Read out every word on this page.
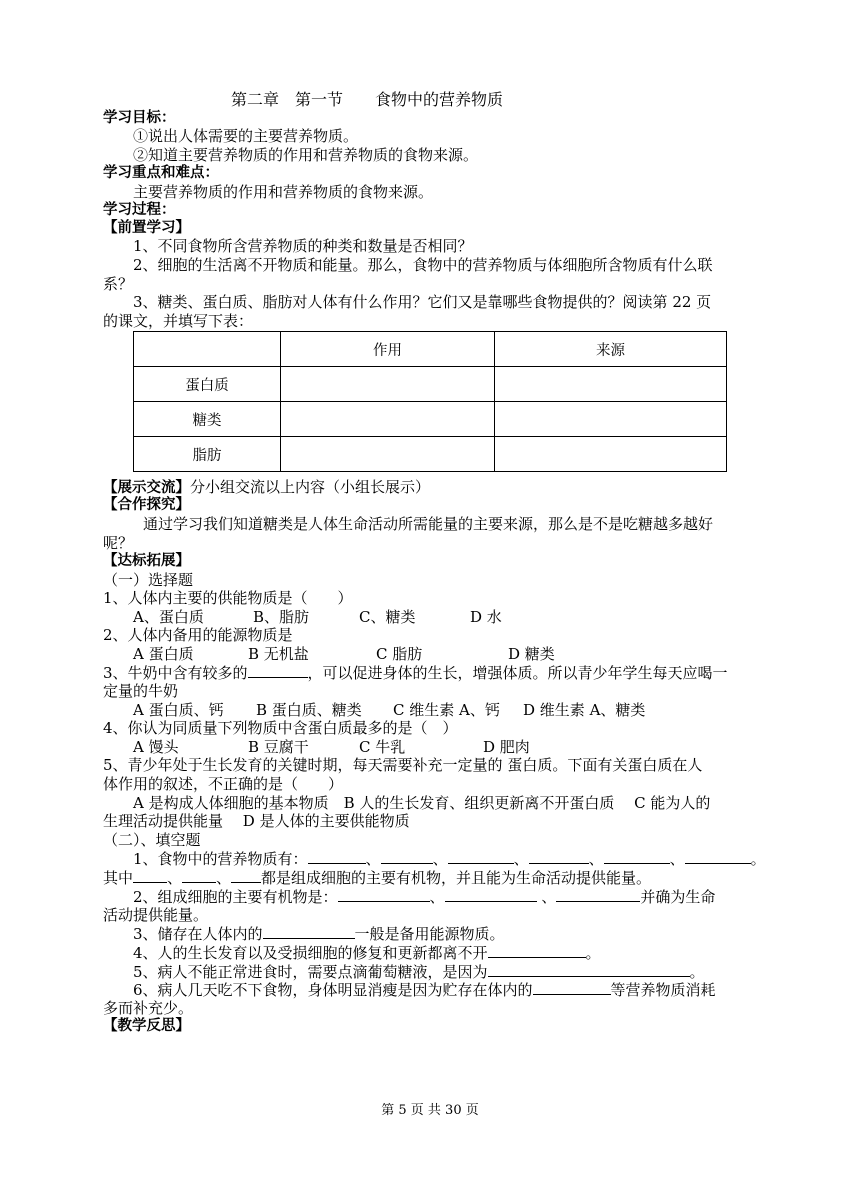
第二章　第一节　　食物中的营养物质
学习目标：
①说出人体需要的主要营养物质。
②知道主要营养物质的作用和营养物质的食物来源。
学习重点和难点：
主要营养物质的作用和营养物质的食物来源。
学习过程：
【前置学习】
1、不同食物所含营养物质的种类和数量是否相同？
2、细胞的生活离不开物质和能量。那么，食物中的营养物质与体细胞所含物质有什么联
系？
3、糖类、蛋白质、脂肪对人体有什么作用？它们又是靠哪些食物提供的？阅读第 22 页
的课文，并填写下表：
	作用	来源
蛋白质		
糖类		
脂肪		
【展示交流】分小组交流以上内容（小组长展示）
【合作探究】
通过学习我们知道糖类是人体生命活动所需能量的主要来源，那么是不是吃糖越多越好
呢？
【达标拓展】
（一）选择题
1、人体内主要的供能物质是（　　）
A、蛋白质	B、脂肪	C、糖类	D 水
2、人体内备用的能源物质是
A 蛋白质	B 无机盐	C 脂肪	D 糖类
3、牛奶中含有较多的	，可以促进身体的生长，增强体质。所以青少年学生每天应喝一
定量的牛奶
A 蛋白质、钙 B 蛋白质、糖类 C 维生素 A、钙 D 维生素 A、糖类
4、你认为同质量下列物质中含蛋白质最多的是（　）
A 馒头	B 豆腐干	C 牛乳	D 肥肉
5、青少年处于生长发育的关键时期，每天需要补充一定量的 蛋白质。下面有关蛋白质在人
体作用的叙述，不正确的是（　　）
A 是构成人体细胞的基本物质　B 人的生长发育、组织更新离不开蛋白质　 C 能为人的
生理活动提供能量　 D 是人体的主要供能物质
（二）、填空题
1、食物中的营养物质有：	、	、	、	、	、	。
其中 、 、 都是组成细胞的主要有机物，并且能为生命活动提供能量。
2、组成细胞的主要有机物是：	、	、	并确为生命
活动提供能量。
3、储存在人体内的	一般是备用能源物质。
4、人的生长发育以及受损细胞的修复和更新都离不开	。
5、病人不能正常进食时，需要点滴葡萄糖液，是因为	。
6、病人几天吃不下食物，身体明显消瘦是因为贮存在体内的	等营养物质消耗
多而补充少。
【教学反思】
第 5 页 共 30 页
